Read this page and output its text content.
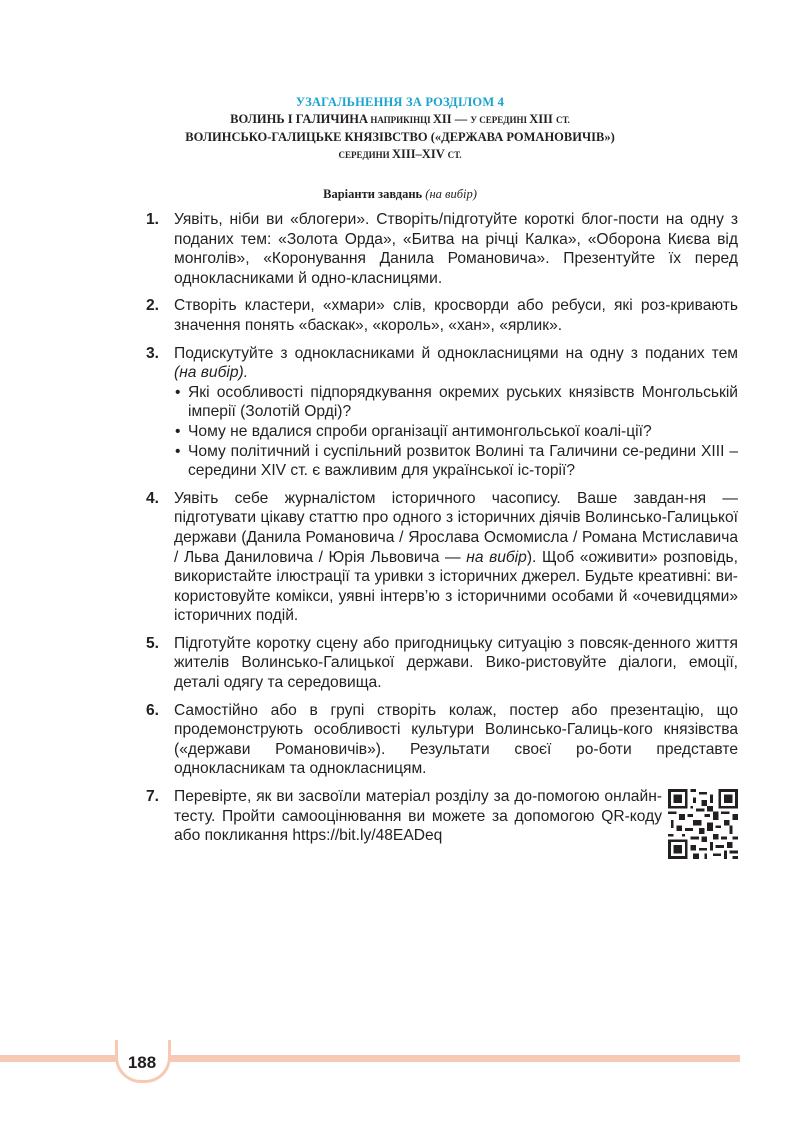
УЗАГАЛЬНЕННЯ ЗА РОЗДІЛОМ 4
ВОЛИНЬ І ГАЛИЧИНА НАПРИКІНЦІ XII — У СЕРЕДИНІ XIII СТ.
ВОЛИНСЬКО-ГАЛИЦЬКЕ КНЯЗІВСТВО («ДЕРЖАВА РОМАНОВИЧІВ»)
СЕРЕДИНИ XIII–XIV СТ.
Варіанти завдань (на вибір)
1. Уявіть, ніби ви «блогери». Створіть/підготуйте короткі блог-пости на одну з поданих тем: «Золота Орда», «Битва на річці Калка», «Оборона Києва від монголів», «Коронування Данила Романовича». Презентуйте їх перед однокласниками й одно-класницями.
2. Створіть кластери, «хмари» слів, кросворди або ребуси, які роз-кривають значення понять «баскак», «король», «хан», «ярлик».
3. Подискутуйте з однокласниками й однокласницями на одну з поданих тем (на вибір).
• Які особливості підпорядкування окремих руських князівств Монгольській імперії (Золотій Орді)?
• Чому не вдалися спроби організації антимонгольської коалі-ції?
• Чому політичний і суспільний розвиток Волині та Галичини се-редини XIII – середини XIV ст. є важливим для української іс-торії?
4. Уявіть себе журналістом історичного часопису. Ваше завдан-ня — підготувати цікаву статтю про одного з історичних діячів Волинсько-Галицької держави (Данила Романовича / Ярослава Осмомисла / Романа Мстиславича / Льва Даниловича / Юрія Львовича — на вибір). Щоб «оживити» розповідь, використайте ілюстрації та уривки з історичних джерел. Будьте креативні: ви-користовуйте комікси, уявні інтерв’ю з історичними особами й «очевидцями» історичних подій.
5. Підготуйте коротку сцену або пригодницьку ситуацію з повсяк-денного життя жителів Волинсько-Галицької держави. Вико-ристовуйте діалоги, емоції, деталі одягу та середовища.
6. Самостійно або в групі створіть колаж, постер або презентацію, що продемонструють особливості культури Волинсько-Галиць-кого князівства («держави Романовичів»). Результати своєї ро-боти представте однокласникам та однокласницям.
7. Перевірте, як ви засвоїли матеріал розділу за до-помогою онлайн-тесту. Пройти самооцінювання ви можете за допомогою QR-коду або покликання https://bit.ly/48EADeq
188
